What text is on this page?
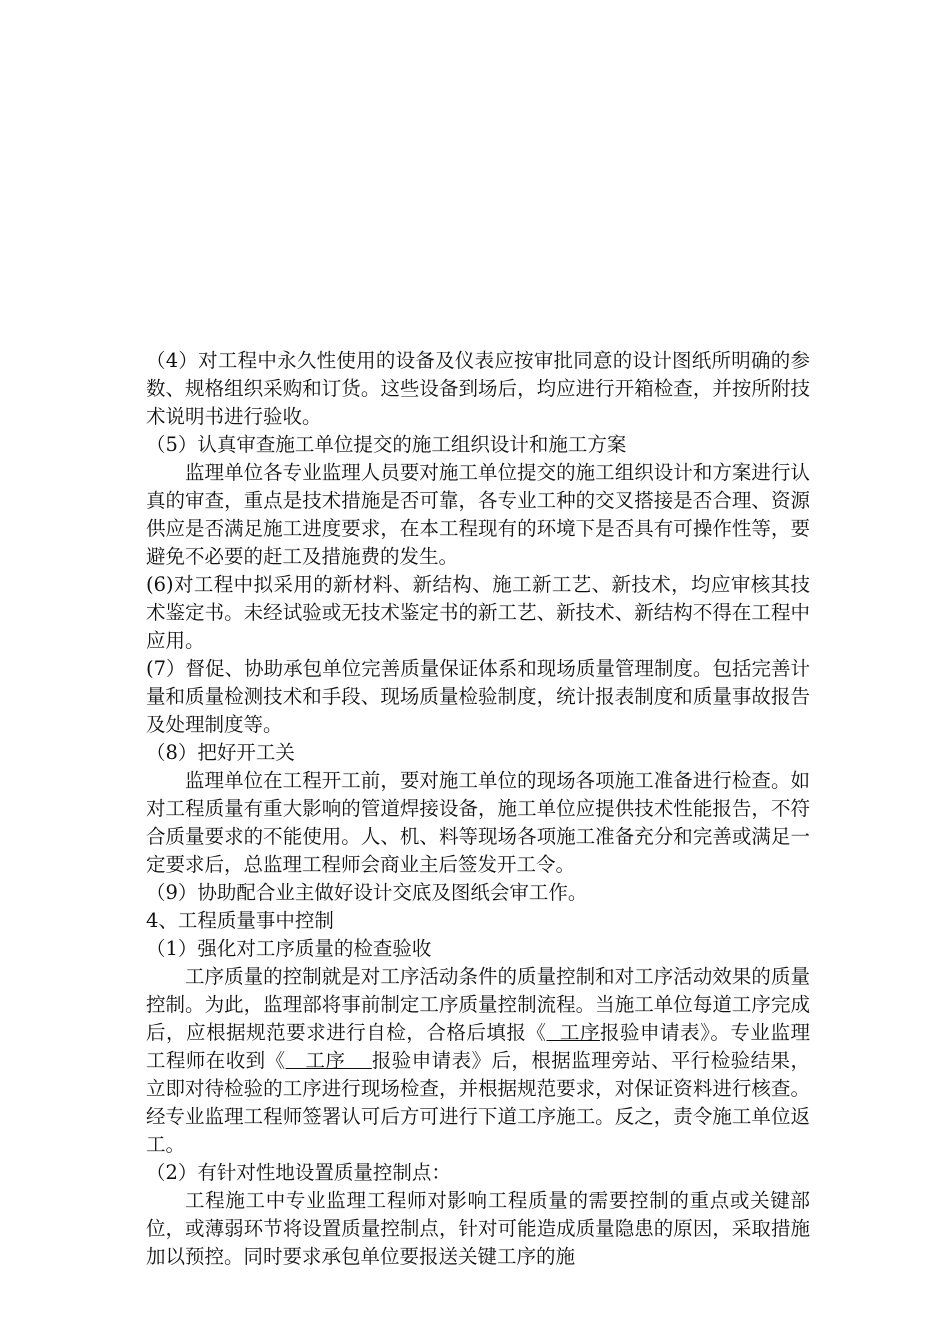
（4）对工程中永久性使用的设备及仪表应按审批同意的设计图纸所明确的参数、规格组织采购和订货。这些设备到场后，均应进行开箱检查，并按所附技术说明书进行验收。

（5）认真审查施工单位提交的施工组织设计和施工方案

监理单位各专业监理人员要对施工单位提交的施工组织设计和方案进行认真的审查，重点是技术措施是否可靠，各专业工种的交叉搭接是否合理、资源供应是否满足施工进度要求，在本工程现有的环境下是否具有可操作性等，要避免不必要的赶工及措施费的发生。

(6)对工程中拟采用的新材料、新结构、施工新工艺、新技术，均应审核其技术鉴定书。未经试验或无技术鉴定书的新工艺、新技术、新结构不得在工程中应用。

(7）督促、协助承包单位完善质量保证体系和现场质量管理制度。包括完善计量和质量检测技术和手段、现场质量检验制度，统计报表制度和质量事故报告及处理制度等。

（8）把好开工关

监理单位在工程开工前，要对施工单位的现场各项施工准备进行检查。如对工程质量有重大影响的管道焊接设备，施工单位应提供技术性能报告，不符合质量要求的不能使用。人、机、料等现场各项施工准备充分和完善或满足一定要求后，总监理工程师会商业主后签发开工令。

（9）协助配合业主做好设计交底及图纸会审工作。

4、工程质量事中控制

（1）强化对工序质量的检查验收

工序质量的控制就是对工序活动条件的质量控制和对工序活动效果的质量控制。为此，监理部将事前制定工序质量控制流程。当施工单位每道工序完成后，应根据规范要求进行自检，合格后填报《  工序报验申请表》。专业监理工程师在收到《   工序    报验申请表》后，根据监理旁站、平行检验结果，立即对待检验的工序进行现场检查，并根据规范要求，对保证资料进行核查。经专业监理工程师签署认可后方可进行下道工序施工。反之，责令施工单位返工。

（2）有针对性地设置质量控制点：

工程施工中专业监理工程师对影响工程质量的需要控制的重点或关键部位，或薄弱环节将设置质量控制点，针对可能造成质量隐患的原因，采取措施加以预控。同时要求承包单位要报送关键工序的施
